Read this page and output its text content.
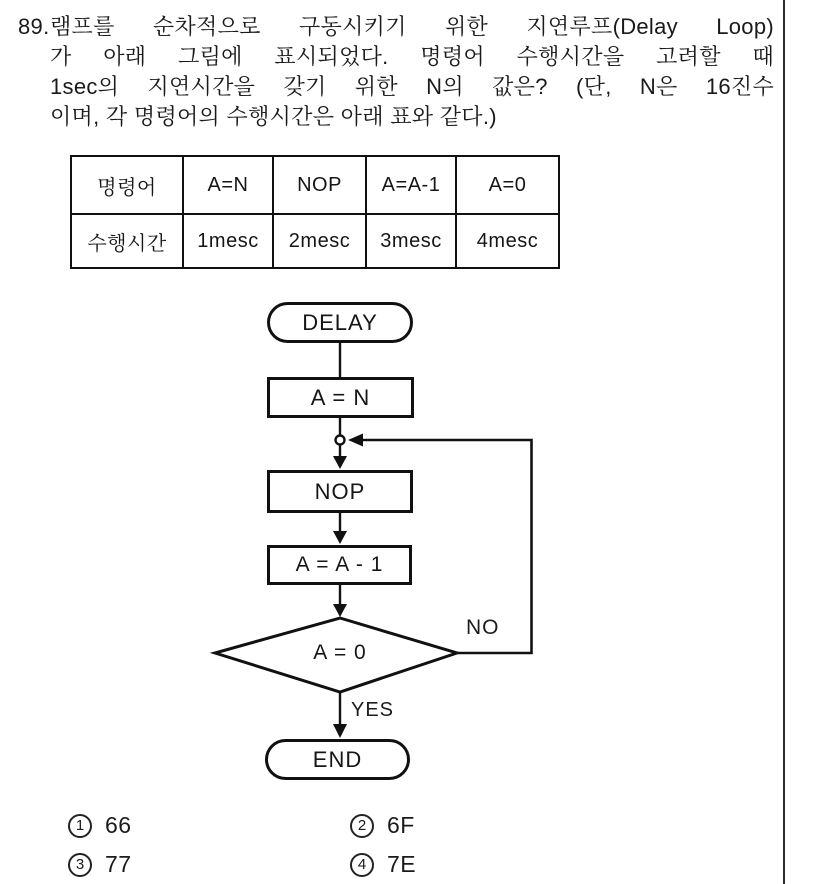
89. 램프를 순차적으로 구동시키기 위한 지연루프(Delay Loop)
가 아래 그림에 표시되었다. 명령어 수행시간을 고려할 때
1sec의 지연시간을 갖기 위한 N의 값은? (단, N은 16진수
이며, 각 명령어의 수행시간은 아래 표와 같다.)
명령어	A=N	NOP	A=A-1	A=0
수행시간	1mesc	2mesc	3mesc	4mesc
DELAY
A = N
NOP
A = A - 1
A = 0
NO
YES
END
1 66	2 6F
3 77	4 7E
